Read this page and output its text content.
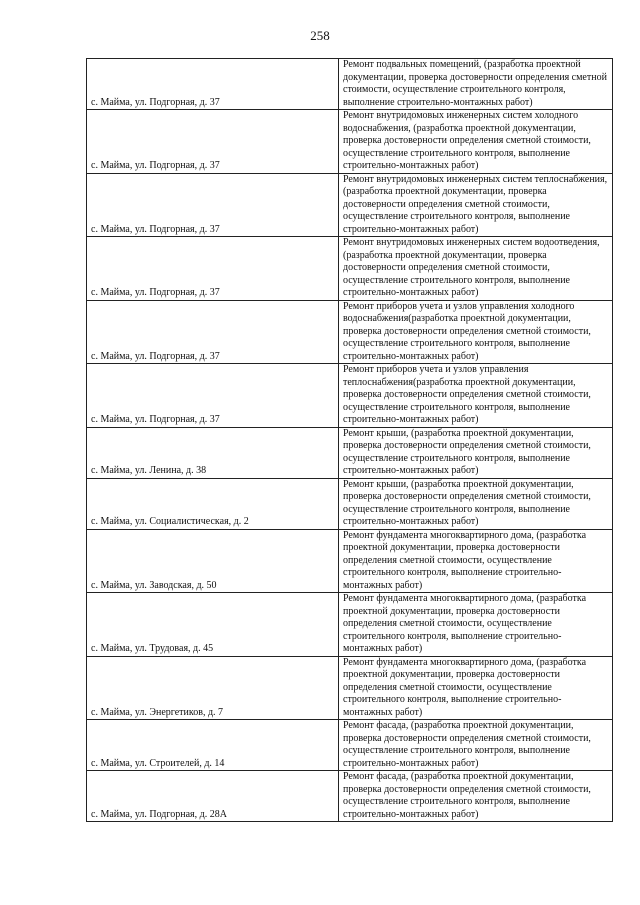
258
с. Майма, ул. Подгорная, д. 37	Ремонт подвальных помещений, (разработка проектной документации, проверка достоверности определения сметной стоимости, осуществление строительного контроля, выполнение строительно-монтажных работ)
с. Майма, ул. Подгорная, д. 37	Ремонт внутридомовых инженерных систем холодного водоснабжения, (разработка проектной документации, проверка достоверности определения сметной стоимости, осуществление строительного контроля, выполнение строительно-монтажных работ)
с. Майма, ул. Подгорная, д. 37	Ремонт внутридомовых инженерных систем теплоснабжения, (разработка проектной документации, проверка достоверности определения сметной стоимости, осуществление строительного контроля, выполнение строительно-монтажных работ)
с. Майма, ул. Подгорная, д. 37	Ремонт внутридомовых инженерных систем водоотведения, (разработка проектной документации, проверка достоверности определения сметной стоимости, осуществление строительного контроля, выполнение строительно-монтажных работ)
с. Майма, ул. Подгорная, д. 37	Ремонт приборов учета и узлов управления холодного водоснабжения(разработка проектной документации, проверка достоверности определения сметной стоимости, осуществление строительного контроля, выполнение строительно-монтажных работ)
с. Майма, ул. Подгорная, д. 37	Ремонт приборов учета и узлов управления теплоснабжения(разработка проектной документации, проверка достоверности определения сметной стоимости, осуществление строительного контроля, выполнение строительно-монтажных работ)
с. Майма, ул. Ленина, д. 38	Ремонт крыши, (разработка проектной документации, проверка достоверности определения сметной стоимости, осуществление строительного контроля, выполнение строительно-монтажных работ)
с. Майма, ул. Социалистическая, д. 2	Ремонт крыши, (разработка проектной документации, проверка достоверности определения сметной стоимости, осуществление строительного контроля, выполнение строительно-монтажных работ)
с. Майма, ул. Заводская, д. 50	Ремонт фундамента многоквартирного дома, (разработка проектной документации, проверка достоверности определения сметной стоимости, осуществление строительного контроля, выполнение строительно-монтажных работ)
с. Майма, ул. Трудовая, д. 45	Ремонт фундамента многоквартирного дома, (разработка проектной документации, проверка достоверности определения сметной стоимости, осуществление строительного контроля, выполнение строительно-монтажных работ)
с. Майма, ул. Энергетиков, д. 7	Ремонт фундамента многоквартирного дома, (разработка проектной документации, проверка достоверности определения сметной стоимости, осуществление строительного контроля, выполнение строительно-монтажных работ)
с. Майма, ул. Строителей, д. 14	Ремонт фасада, (разработка проектной документации, проверка достоверности определения сметной стоимости, осуществление строительного контроля, выполнение строительно-монтажных работ)
с. Майма, ул. Подгорная, д. 28А	Ремонт фасада, (разработка проектной документации, проверка достоверности определения сметной стоимости, осуществление строительного контроля, выполнение строительно-монтажных работ)
